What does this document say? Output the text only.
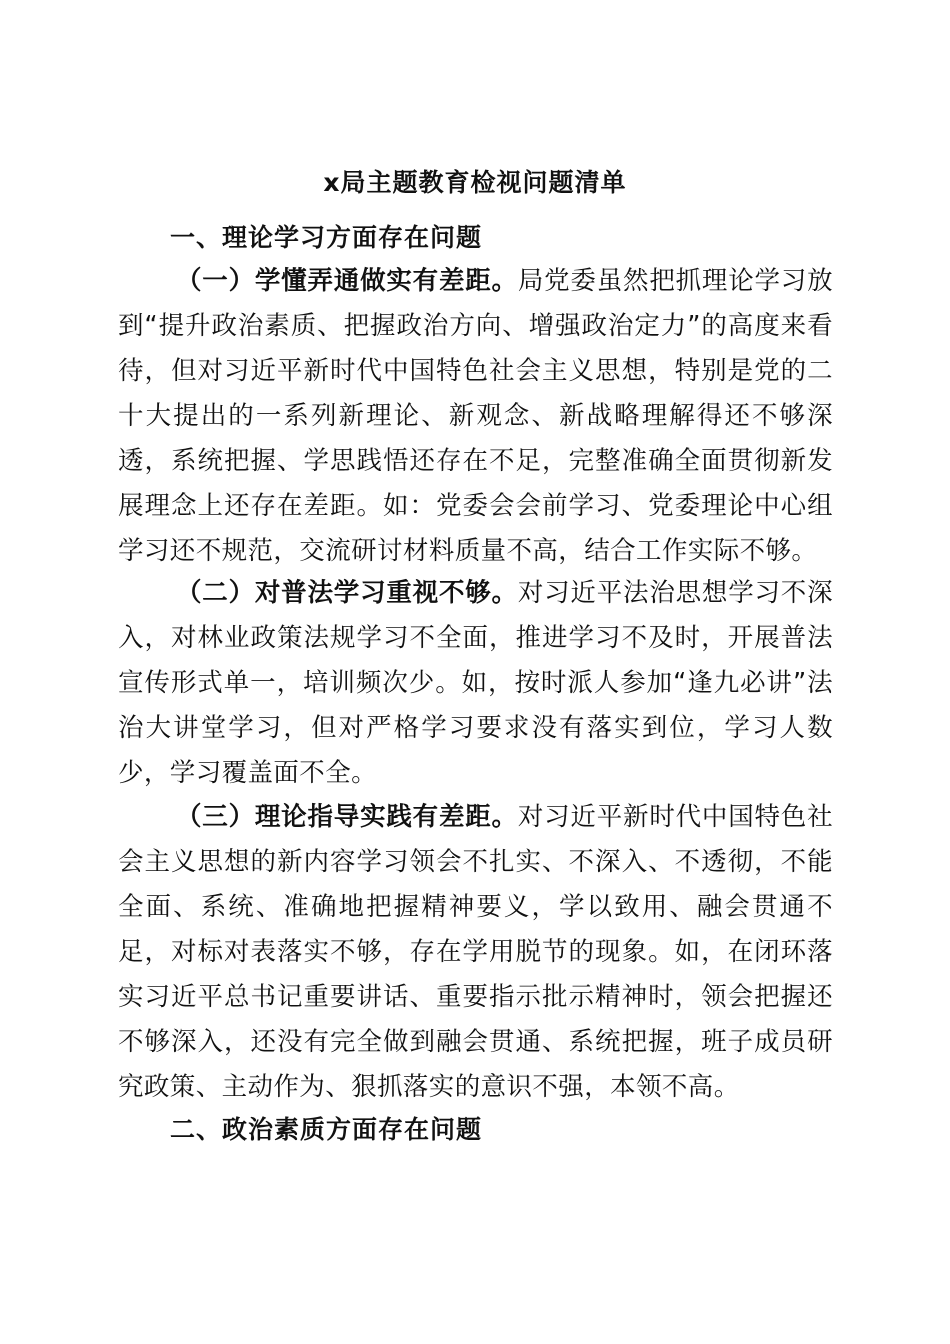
x局主题教育检视问题清单
一、理论学习方面存在问题

（一）学懂弄通做实有差距。局党委虽然把抓理论学习放到“提升政治素质、把握政治方向、增强政治定力”的高度来看待，但对习近平新时代中国特色社会主义思想，特别是党的二十大提出的一系列新理论、新观念、新战略理解得还不够深透，系统把握、学思践悟还存在不足，完整准确全面贯彻新发展理念上还存在差距。如：党委会会前学习、党委理论中心组学习还不规范，交流研讨材料质量不高，结合工作实际不够。

（二）对普法学习重视不够。对习近平法治思想学习不深入，对林业政策法规学习不全面，推进学习不及时，开展普法宣传形式单一，培训频次少。如，按时派人参加“逢九必讲”法治大讲堂学习，但对严格学习要求没有落实到位，学习人数少，学习覆盖面不全。

（三）理论指导实践有差距。对习近平新时代中国特色社会主义思想的新内容学习领会不扎实、不深入、不透彻，不能全面、系统、准确地把握精神要义，学以致用、融会贯通不足，对标对表落实不够，存在学用脱节的现象。如，在闭环落实习近平总书记重要讲话、重要指示批示精神时，领会把握还不够深入，还没有完全做到融会贯通、系统把握，班子成员研究政策、主动作为、狠抓落实的意识不强，本领不高。

二、政治素质方面存在问题
